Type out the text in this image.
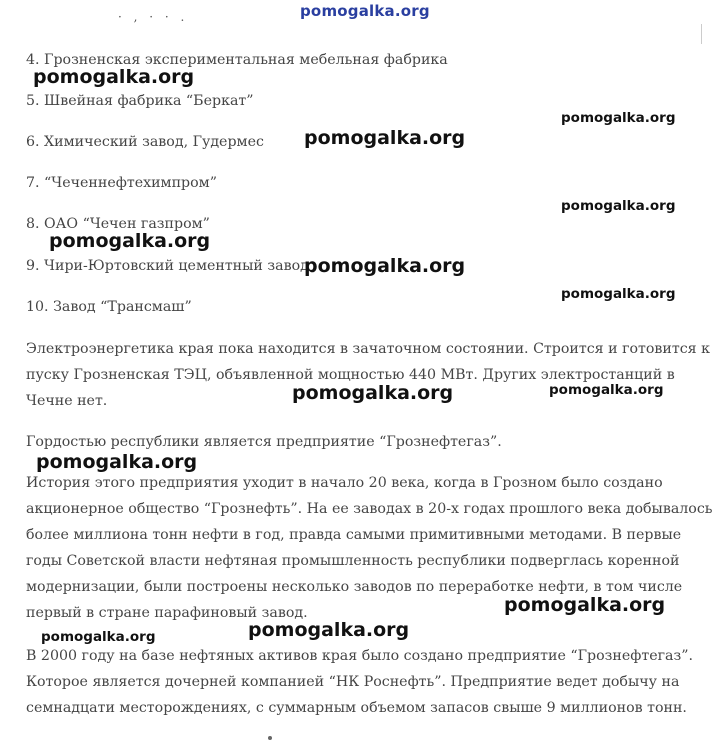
· , · · .	pomogalka.org

4. Грозненская экспериментальная мебельная фабрика

5. Швейная фабрика “Беркат”

6. Химический завод, Гудермес

7. “Чеченнефтехимпром”

8. ОАО “Чечен газпром”

9. Чири-Юртовский цементный завод

10. Завод “Трансмаш”

Электроэнергетика края пока находится в зачаточном состоянии. Строится и готовится к

пуску Грозненская ТЭЦ, объявленной мощностью 440 МВт. Других электростанций в

Чечне нет.

Гордостью республики является предприятие “Грознефтегаз”.

История этого предприятия уходит в начало 20 века, когда в Грозном было создано

акционерное общество “Грознефть”. На ее заводах в 20-х годах прошлого века добывалось

более миллиона тонн нефти в год, правда самыми примитивными методами. В первые

годы Советской власти нефтяная промышленность республики подверглась коренной

модернизации, были построены несколько заводов по переработке нефти, в том числе

первый в стране парафиновый завод.

В 2000 году на базе нефтяных активов края было создано предприятие “Грознефтегаз”.

Которое является дочерней компанией “НК Роснефть”. Предприятие ведет добычу на

семнадцати месторождениях, с суммарным объемом запасов свыше 9 миллионов тонн.

pomogalka.org
pomogalka.org
pomogalka.org
pomogalka.org
pomogalka.org
pomogalka.org
pomogalka.org
pomogalka.org	pomogalka.org
pomogalka.org
pomogalka.org
pomogalka.org
pomogalka.org
